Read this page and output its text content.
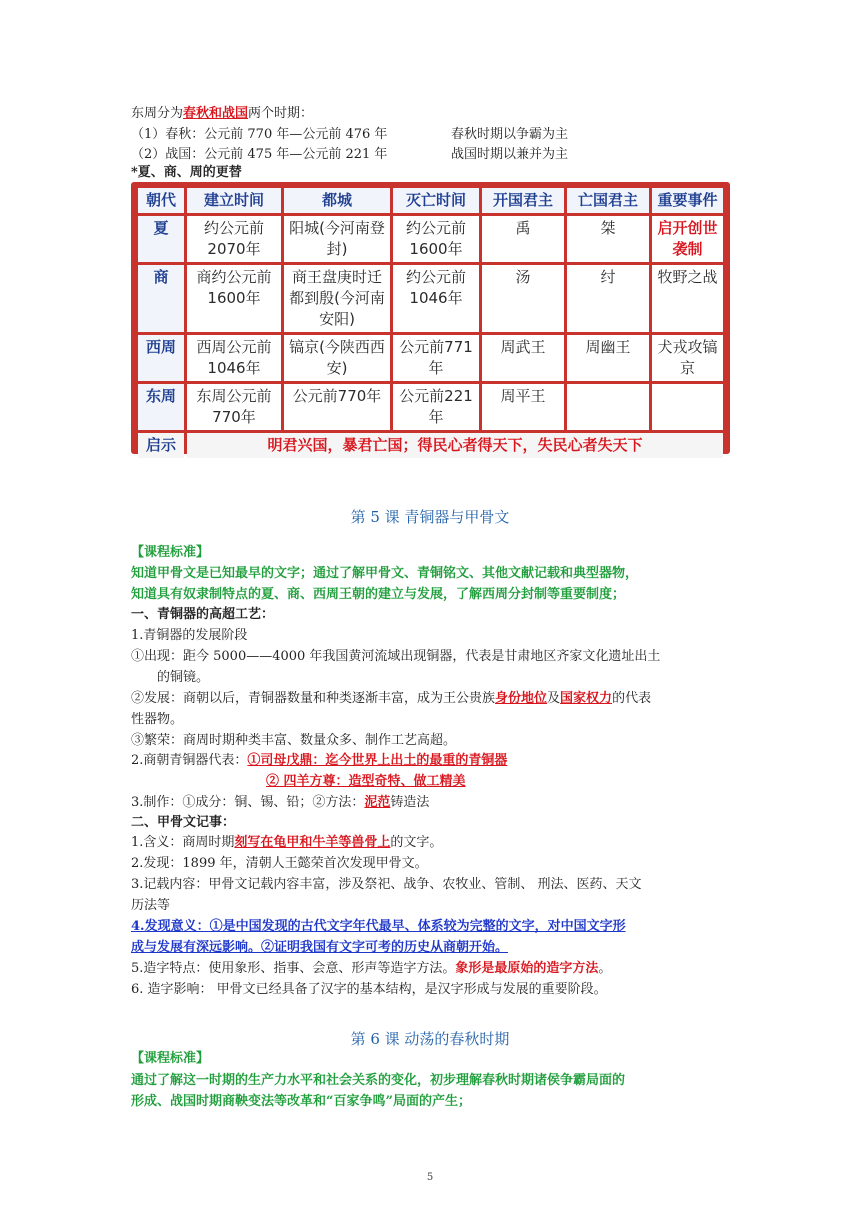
东周分为春秋和战国两个时期：
（1）春秋：公元前 770 年—公元前 476 年	春秋时期以争霸为主
（2）战国：公元前 475 年—公元前 221 年	战国时期以兼并为主
*夏、商、周的更替
朝代	建立时间	都城	灭亡时间	开国君主	亡国君主	重要事件
夏	约公元前2070年	阳城(今河南登封)	约公元前1600年	禹	桀	启开创世袭制
商	商约公元前1600年	商王盘庚时迁都到殷(今河南安阳)	约公元前1046年	汤	纣	牧野之战
西周	西周公元前1046年	镐京(今陕西西安)	公元前771年	周武王	周幽王	犬戎攻镐京
东周	东周公元前770年	公元前770年	公元前221年	周平王		
启示	明君兴国，暴君亡国；得民心者得天下，失民心者失天下					
第 5 课 青铜器与甲骨文
【课程标准】
知道甲骨文是已知最早的文字；通过了解甲骨文、青铜铭文、其他文献记载和典型器物，
知道具有奴隶制特点的夏、商、西周王朝的建立与发展，了解西周分封制等重要制度；
一、青铜器的高超工艺：
1.青铜器的发展阶段
①出现：距今 5000——4000 年我国黄河流域出现铜器，代表是甘肃地区齐家文化遗址出土
的铜镜。
②发展：商朝以后，青铜器数量和种类逐渐丰富，成为王公贵族身份地位及国家权力的代表
性器物。
③繁荣：商周时期种类丰富、数量众多、制作工艺高超。
2.商朝青铜器代表：①司母戊鼎：迄今世界上出土的最重的青铜器
② 四羊方尊：造型奇特、做工精美
3.制作：①成分：铜、锡、铅；②方法：泥范铸造法
二、甲骨文记事：
1.含义：商周时期刻写在龟甲和牛羊等兽骨上的文字。
2.发现：1899 年，清朝人王懿荣首次发现甲骨文。
3.记载内容：甲骨文记载内容丰富，涉及祭祀、战争、农牧业、管制、 刑法、医药、天文
历法等
4.发现意义：①是中国发现的古代文字年代最早、体系较为完整的文字，对中国文字形
成与发展有深远影响。②证明我国有文字可考的历史从商朝开始。
5.造字特点：使用象形、指事、会意、形声等造字方法。象形是最原始的造字方法。
6. 造字影响： 甲骨文已经具备了汉字的基本结构，是汉字形成与发展的重要阶段。
第 6 课 动荡的春秋时期
【课程标准】
通过了解这一时期的生产力水平和社会关系的变化，初步理解春秋时期诸侯争霸局面的
形成、战国时期商鞅变法等改革和“百家争鸣”局面的产生；
5
